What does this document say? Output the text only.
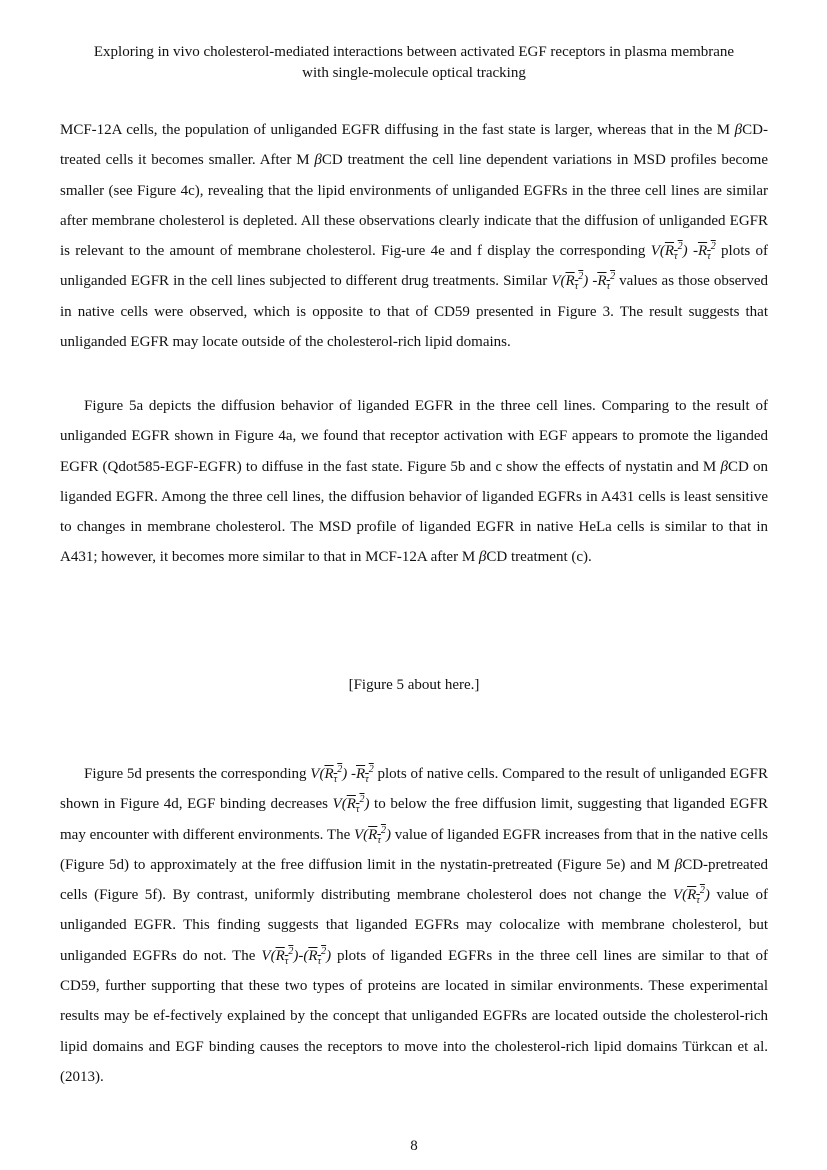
Exploring in vivo cholesterol-mediated interactions between activated EGF receptors in plasma membrane
with single-molecule optical tracking
MCF-12A cells, the population of unliganded EGFR diffusing in the fast state is larger, whereas that in the M βCD-treated cells it becomes smaller. After M βCD treatment the cell line dependent variations in MSD profiles become smaller (see Figure 4c), revealing that the lipid environments of unliganded EGFRs in the three cell lines are similar after membrane cholesterol is depleted. All these observations clearly indicate that the diffusion of unliganded EGFR is relevant to the amount of membrane cholesterol. Fig-ure 4e and f display the corresponding $V(R_\tau^2)$ $-R_\tau^2$ plots of unliganded EGFR in the cell lines subjected to different drug treatments. Similar $V(R_\tau^2)$ $-R_\tau^2$ values as those observed in native cells were observed, which is opposite to that of CD59 presented in Figure 3. The result suggests that unliganded EGFR may locate outside of the cholesterol-rich lipid domains.
Figure 5a depicts the diffusion behavior of liganded EGFR in the three cell lines. Comparing to the result of unliganded EGFR shown in Figure 4a, we found that receptor activation with EGF appears to promote the liganded EGFR (Qdot585-EGF-EGFR) to diffuse in the fast state. Figure 5b and c show the effects of nystatin and M βCD on liganded EGFR. Among the three cell lines, the diffusion behavior of liganded EGFRs in A431 cells is least sensitive to changes in membrane cholesterol. The MSD profile of liganded EGFR in native HeLa cells is similar to that in A431; however, it becomes more similar to that in MCF-12A after M βCD treatment (c).
[Figure 5 about here.]
Figure 5d presents the corresponding $V(R_\tau^2)$ $-R_\tau^2$ plots of native cells. Compared to the result of unliganded EGFR shown in Figure 4d, EGF binding decreases $V(R_\tau^2)$ to below the free diffusion limit, suggesting that liganded EGFR may encounter with different environments. The $V(R_\tau^2)$ value of liganded EGFR increases from that in the native cells (Figure 5d) to approximately at the free diffusion limit in the nystatin-pretreated (Figure 5e) and M βCD-pretreated cells (Figure 5f). By contrast, uniformly distributing membrane cholesterol does not change the $V(R_\tau^2)$ value of unliganded EGFR. This finding suggests that liganded EGFRs may colocalize with membrane cholesterol, but unliganded EGFRs do not. The $V(R_\tau^2)-(R_\tau^2)$ plots of liganded EGFRs in the three cell lines are similar to that of CD59, further supporting that these two types of proteins are located in similar environments. These experimental results may be ef-fectively explained by the concept that unliganded EGFRs are located outside the cholesterol-rich lipid domains and EGF binding causes the receptors to move into the cholesterol-rich lipid domains Türkcan et al. (2013).
8
